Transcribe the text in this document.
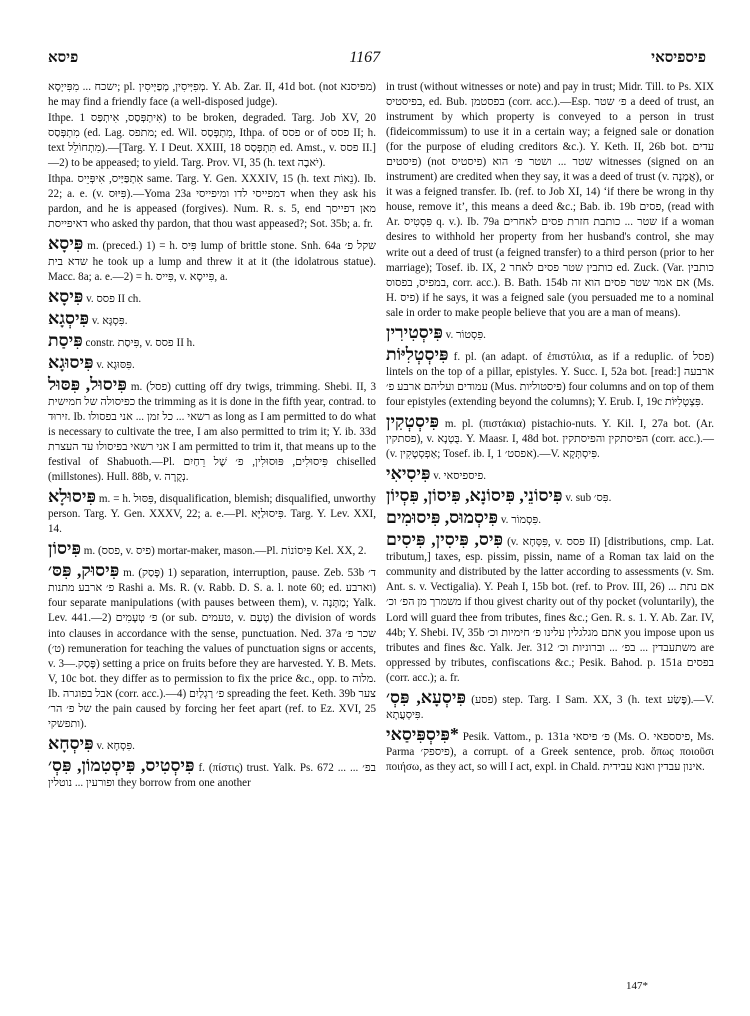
פיסא	1167	פיספיסאי

ישכח ... מִפִּייְסָא; pl. מְפִיְּיסִין, מְפַיְּיסִין. Y. Ab. Zar. II, 41d bot. (not מפיסנא) he may find a friendly face (a well-disposed judge).

Ithpe. אִיתְפְּסַס, אִיתְפַּס 1) to be broken, degraded. Targ. Job XV, 20 מִתְפְּסַס (ed. Lag. מתפס; ed. Wil. מִתְפְּסַס, Ithpa. of פסס or of פסס II; h. text מִתְחוֹלֵל).—[Targ. Y. I Deut. XXIII, 18 תִּתְפְּסַס ed. Amst., v. פסס II.]—2) to be appeased; to yield. Targ. Prov. VI, 35 (h. text יֹאבֶה).

Ithpa. אִתְפַּיַּיס, אִיפְּיֵיס same. Targ. Y. Gen. XXXIV, 15 (h. text נֵאוֹת). Ib. 22; a. e. (v. פִּיּוּס).—Yoma 23a דמפייסי לדו ומיפייסי when they ask his pardon, and he is appeased (forgives). Num. R. s. 5, end מאן דפייסך דאיפייסת who asked thy pardon, that thou wast appeased?; Sot. 35b; a. fr.

פִּיסָא m. (preced.) 1) = h. פִּיס lump of brittle stone. Snh. 64a שקל פ׳ שדא בית he took up a lump and threw it at it (the idolatrous statue). Macc. 8a; a. e.—2) = h. פִּייס, v. פִּייסָא, a.

פִּיסָא v. פסס II ch.

פִּיסְגָא v. פִּסְגָּא.

פִּיסַת constr. פִּיסַת, v. פסס II h.

פִּיסוּגָא v. פִּסּוּגָא.

פִּיסוּל, פִּסּוּל m. (פסל) cutting off dry twigs, trimming. Shebi. II, 3 כפיסולה של חמישית the trimming as it is done in the fifth year, contrad. to זירוּד. Ib. רשאי ... כל זמן ... אני בפסולו as long as I am permitted to do what is necessary to cultivate the tree, I am also permitted to trim it; Y. ib. 33d אני רשאי בפיסולו עד העצרת I am permitted to trim it, that means up to the festival of Shabuoth.—Pl. פִּיסוּלִים, פּוּסוּלִין, פ׳ שֶׁל רֵחַיִם chiselled (millstones). Hull. 88b, v. נְקֻרָה.

פִּיסוּלָא m. = h. פִּסּוּל, disqualification, blemish; disqualified, unworthy person. Targ. Y. Gen. XXXV, 22; a. e.—Pl. פִּיסוּלַיָּא. Targ. Y. Lev. XXI, 14.

פִּיסוֹן m. (פסס, v. פיס) mortar-maker, mason.—Pl. פִּיסוֹנוֹת Kel. XX, 2.

פִּיסוּק, פִּסּ׳ m. (פָּסַק) 1) separation, interruption, pause. Zeb. 53b ד׳ פ׳ ארבע מתנות Rashi a. Ms. R. (v. Rabb. D. S. a. l. note 60; ed. וארבע) four separate manipulations (with pauses between them), v. מַתָּנָה; Yalk. Lev. 441.—2) פ׳ טְעָמִים (or sub. טעמים, v. טְעַם) the division of words into clauses in accordance with the sense, punctuation. Ned. 37a שכר פ׳ (ט׳) remuneration for teaching the values of punctuation signs or accents, v. פָּסַק.—3) setting a price on fruits before they are harvested. Y. B. Mets. V, 10c bot. they differ as to permission to fix the price &c., opp. to מלוה. Ib. אבל בפוגרה (corr. acc.).—4) פ׳ רַגְלַיִם spreading the feet. Keth. 39b צער של פ׳ הר׳ the pain caused by forcing her feet apart (ref. to Ez. XVI, 25 ותפשקי).

פִּיסְחָא v. פִּסְחָא.

פִּיסְטִיס, פִּיסְטִמוֹן, פִּסְ׳ f. (πίστις) trust. Yalk. Ps. 672 ... בפ׳ ... ופורעין ... נוטלין they borrow from one another

in trust (without witnesses or note) and pay in trust; Midr. Till. to Ps. XIX בפיסטיס, ed. Bub. בפסטמן (corr. acc.).—Esp. פ׳ שטר a deed of trust, an instrument by which property is conveyed to a person in trust (fideicommissum) to use it in a certain way; a feigned sale or donation (for the purpose of eluding creditors &c.). Y. Keth. II, 26b bot. עדים (פיסטים (not פיסטיס) שטר ... ושטר פ׳ הוא witnesses (signed on an instrument) are credited when they say, it was a deed of trust (v. אֲמָנָה), or it was a feigned transfer. Ib. (ref. to Job XI, 14) ‘if there be wrong in thy house, remove it’, this means a deed &c.; Bab. ib. 19b פסים, (read with Ar. פִּסְטִיס q. v.). Ib. 79a שטר ... כותבת חזרת פסים לאחרים if a woman desires to withhold her property from her husband's control, she may write out a deed of trust (a feigned transfer) to a third person (prior to her marriage); Tosef. ib. IX, 2 כותבין שטר פסים לאחר ed. Zuck. (Var. כותבין במפיס, בפסוס, corr. acc.). B. Bath. 154b אם אמר שטר פסים הוא זה (Ms. H. פיס) if he says, it was a feigned sale (you persuaded me to a nominal sale in order to make people believe that you are a man of means).

פִּיסְטִירִין v. פִּסְטוֹר.

פִּיסְטְלִיּוֹת f. pl. (an adapt. of ἐπιστύλια, as if a reduplic. of פסל) lintels on the top of a pillar, epistyles. Y. Succ. I, 52a bot. [read:] ארבעה עמודים ועליהם ארבע פ׳ (Mus. פיסטוליות) four columns and on top of them four epistyles (extending beyond the columns); Y. Erub. I, 19c פִּצְטְלִיּוֹת.

פִּיסְטְקִין m. pl. (πιστάκια) pistachio-nuts. Y. Kil. I, 27a bot. (Ar. פסתקין), v. בֻּטְנָא. Y. Maasr. I, 48d bot. הפיסתקין והפיסתקין (corr. acc.).—(v. אַפְסְטָקִין; Tosef. ib. I, 1 אפסט׳).—V. פִּיסְתְּקָא.

פִּיסִיאִי v. פיספיסאי.

פִּיסוֹנֵי, פִּיסוֹנָא, פִּיסוֹן, פִּסְיוֹן v. sub פִּס׳.

פִּיסְמוּס, פִּיסוּמִים v. פִּסְמוֹר.

פִּיס, פִּיסִין, פִּיסִים (v. פִּסְּחָא, v. פסס II) [distributions, cmp. Lat. tributum,] taxes, esp. pissim, pissin, name of a Roman tax laid on the community and distributed by the latter according to assessments (v. Sm. Ant. s. v. Vectigalia). Y. Peah I, 15b bot. (ref. to Prov. III, 26) אם נתת ... משמרך מן הפ׳ וכ׳ if thou givest charity out of thy pocket (voluntarily), the Lord will guard thee from tributes, fines &c.; Gen. R. s. 1. Y. Ab. Zar. IV, 44b; Y. Shebi. IV, 35b אתם מגלגלין עלינו פ׳ חימיות וכ׳ you impose upon us tributes and fines &c. Yalk. Jer. 312 משתעבדין ... בפ׳ ... וברוניות וכ׳ are oppressed by tributes, confiscations &c.; Pesik. Bahod. p. 151a בפסים (corr. acc.); a. fr.

פִּיסְעָא, פִּסְ׳ (פסע) step. Targ. I Sam. XX, 3 (h. text פֶּשַׂע).—V. פִּיסְעֲתָא.

*פִּיסְפִּיסַאי Pesik. Vattom., p. 131a פ׳ פיסאי (Ms. O. פיסספאי, Ms. Parma פיספק׳), a corrupt. of a Greek sentence, prob. ὅπως ποιοῦσι ποιήσω, as they act, so will I act, expl. in Chald. אינון עבדין ואנא עבידית.

147*
